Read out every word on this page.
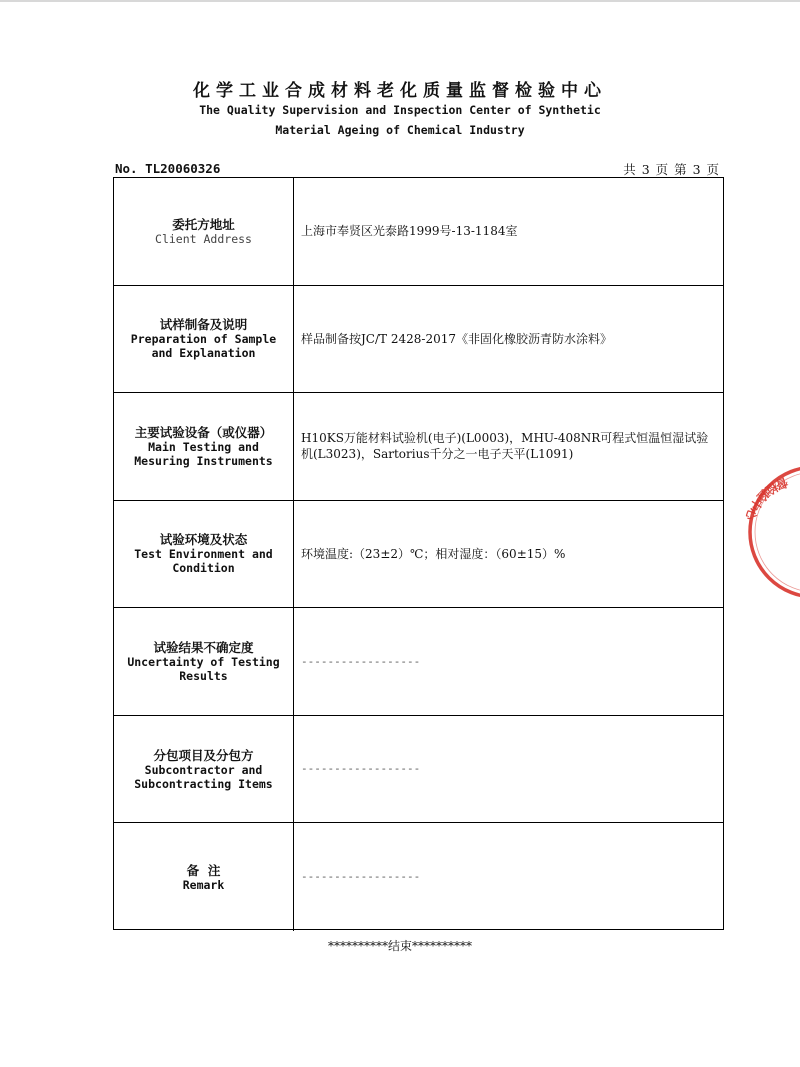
化学工业合成材料老化质量监督检验中心
The Quality Supervision and Inspection Center of Synthetic
Material Ageing of Chemical Industry
No. TL20060326	共 3 页 第 3 页
委托方地址
Client Address
上海市奉贤区光泰路1999号-13-1184室
试样制备及说明
Preparation of Sample
and Explanation
样品制备按JC/T 2428-2017《非固化橡胶沥青防水涂料》
主要试验设备（或仪器）
Main Testing and
Mesuring Instruments
H10KS万能材料试验机(电子)(L0003)，MHU-408NR可程式恒温恒湿试验机(L3023)，Sartorius千分之一电子天平(L1091)
试验环境及状态
Test Environment and
Condition
环境温度:（23±2）℃；相对湿度：（60±15）%
试验结果不确定度
Uncertainty of Testing
Results
------------------
分包项目及分包方
Subcontractor and
Subcontracting Items
------------------
备  注
Remark
------------------
**********结束**********
督检验中心
